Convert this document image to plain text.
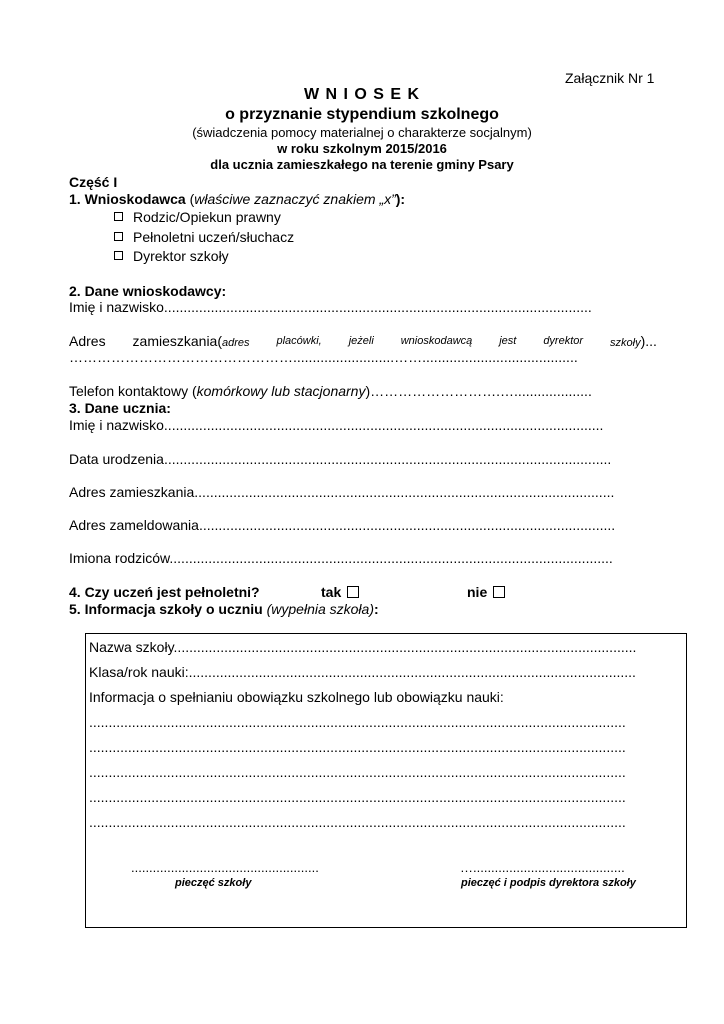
Załącznik Nr 1
W N I O S E K
o przyznanie stypendium szkolnego
(świadczenia pomocy materialnej o charakterze socjalnym)
w roku szkolnym 2015/2016
dla ucznia zamieszkałego na terenie gminy Psary
Część I
1. Wnioskodawca (właściwe zaznaczyć znakiem „x”):
Rodzic/Opiekun prawny
Pełnoletni uczeń/słuchacz
Dyrektor szkoły
2. Dane wnioskodawcy:
Imię i nazwisko..............................................................................................................
Adres zamieszkania(adres placówki, jeżeli wnioskodawcą jest dyrektor szkoły)...
…………………………………………..........................……........................................
Telefon kontaktowy (komórkowy lub stacjonarny)……………………….…....................
3. Dane ucznia:
Imię i nazwisko.................................................................................................................
Data urodzenia...................................................................................................................
Adres zamieszkania............................................................................................................
Adres zameldowania...........................................................................................................
Imiona rodziców..................................................................................................................
4. Czy uczeń jest pełnoletni?	tak	nie
5. Informacja szkoły o uczniu (wypełnia szkoła):
Nazwa szkoły.......................................................................................................................
Klasa/rok nauki:...................................................................................................................
Informacja o spełnianiu obowiązku szkolnego lub obowiązku nauki:
..........................................................................................................................................
..........................................................................................................................................
..........................................................................................................................................
..........................................................................................................................................
..........................................................................................................................................
....................................................
pieczęć szkoły
…..........................................
pieczęć i podpis dyrektora szkoły
